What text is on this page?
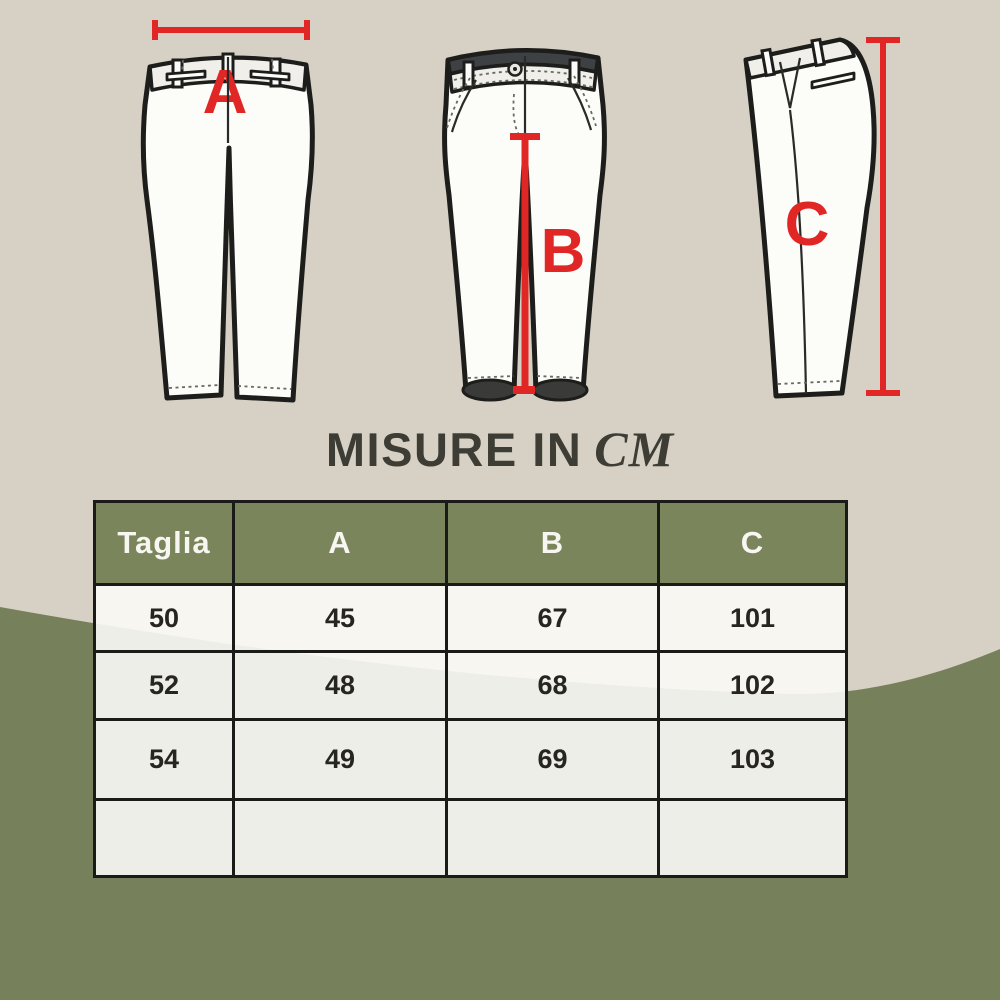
A
B	C
MISURE IN CM
Taglia	A	B	C
50	45	67	101
52	48	68	102
54	49	69	103
